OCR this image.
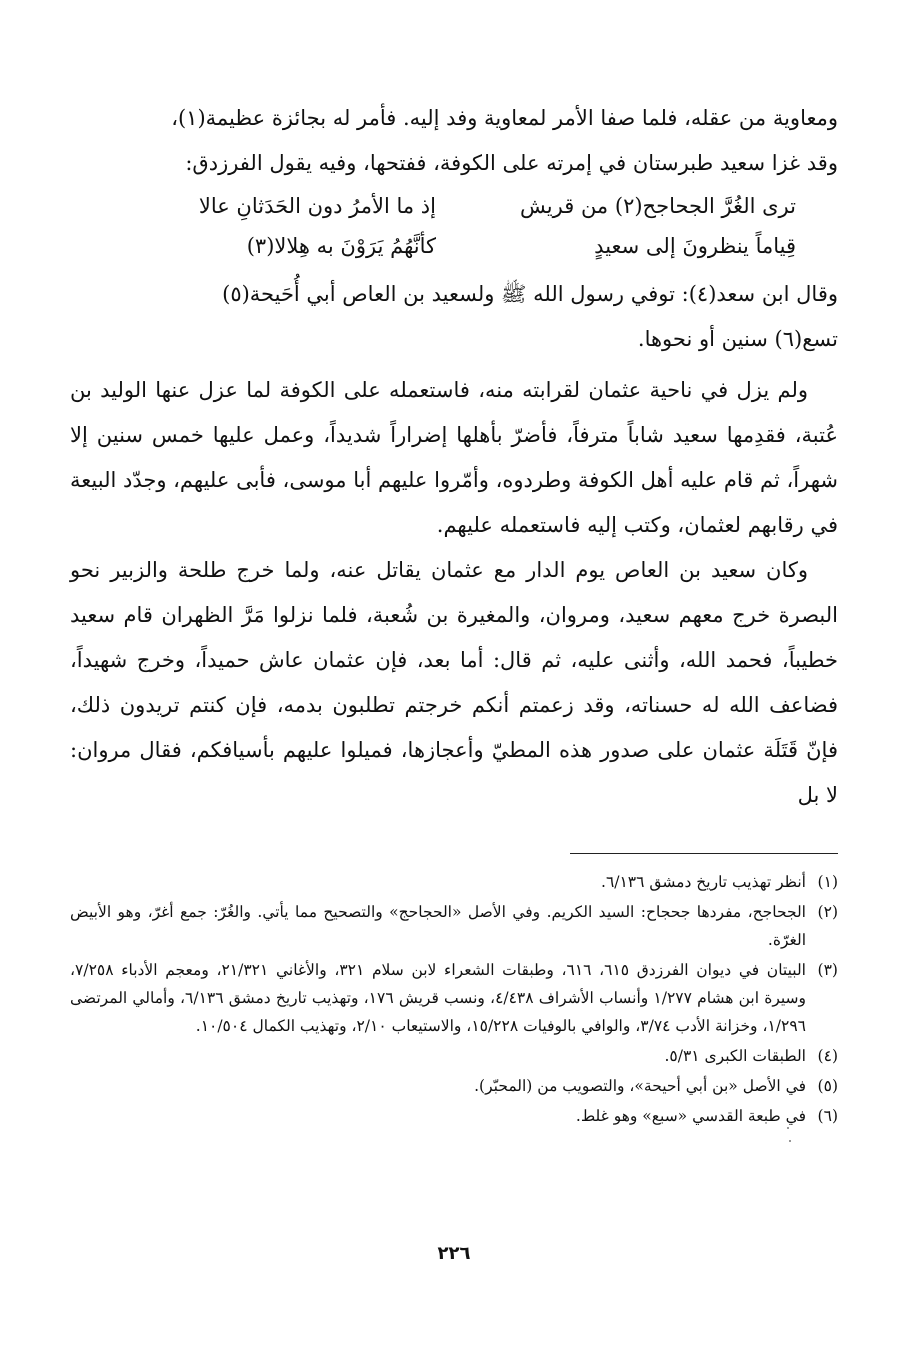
ومعاوية من عقله، فلما صفا الأمر لمعاوية وفد إليه. فأمر له بجائزة عظيمة(١)،
وقد غزا سعيد طبرستان في إمرته على الكوفة، ففتحها، وفيه يقول الفرزدق:

ترى الغُرَّ الجحاجح(٢) من قريش
إذ ما الأمرُ دون الحَدَثانِ عالا
قِياماً ينظرونَ إلى سعيدٍ
كأنَّهُمُ يَرَوْنَ به هِلالا(٣)

وقال ابن سعد(٤): توفي رسول الله ﷺ ولسعيد بن العاص أبي أُحَيحة(٥)
تسع(٦) سنين أو نحوها.

ولم يزل في ناحية عثمان لقرابته منه، فاستعمله على الكوفة لما عزل عنها الوليد بن عُتبة، فقدِمها سعيد شاباً مترفاً، فأضرّ بأهلها إضراراً شديداً، وعمل عليها خمس سنين إلا شهراً، ثم قام عليه أهل الكوفة وطردوه، وأمّروا عليهم أبا موسى، فأبى عليهم، وجدّد البيعة في رقابهم لعثمان، وكتب إليه فاستعمله عليهم.

وكان سعيد بن العاص يوم الدار مع عثمان يقاتل عنه، ولما خرج طلحة والزبير نحو البصرة خرج معهم سعيد، ومروان، والمغيرة بن شُعبة، فلما نزلوا مَرَّ الظهران قام سعيد خطيباً، فحمد الله، وأثنى عليه، ثم قال: أما بعد، فإن عثمان عاش حميداً، وخرج شهيداً، فضاعف الله له حسناته، وقد زعمتم أنكم خرجتم تطلبون بدمه، فإن كنتم تريدون ذلك، فإنّ قَتَلَة عثمان على صدور هذه المطيّ وأعجازها، فميلوا عليهم بأسيافكم، فقال مروان: لا بل

(١)أنظر تهذيب تاريخ دمشق ٦/١٣٦.

(٢)الجحاجح، مفردها جحجاح: السيد الكريم. وفي الأصل «الحجاحج» والتصحيح مما يأتي. والغُرّ: جمع أغرّ، وهو الأبيض الغرّة.

(٣)البيتان في ديوان الفرزدق ٦١٥، ٦١٦، وطبقات الشعراء لابن سلام ٣٢١، والأغاني ٢١/٣٢١، ومعجم الأدباء ٧/٢٥٨، وسيرة ابن هشام ١/٢٧٧ وأنساب الأشراف ٤/٤٣٨، ونسب قريش ١٧٦، وتهذيب تاريخ دمشق ٦/١٣٦، وأمالي المرتضى ١/٢٩٦، وخزانة الأدب ٣/٧٤، والوافي بالوفيات ١٥/٢٢٨، والاستيعاب ٢/١٠، وتهذيب الكمال ١٠/٥٠٤.

(٤)الطبقات الكبرى ٥/٣١.

(٥)في الأصل «بن أبي أحيحة»، والتصويب من (المحبّر).

(٦)في طبعة القدسي «سبع» وهو غلط.

٢٢٦
